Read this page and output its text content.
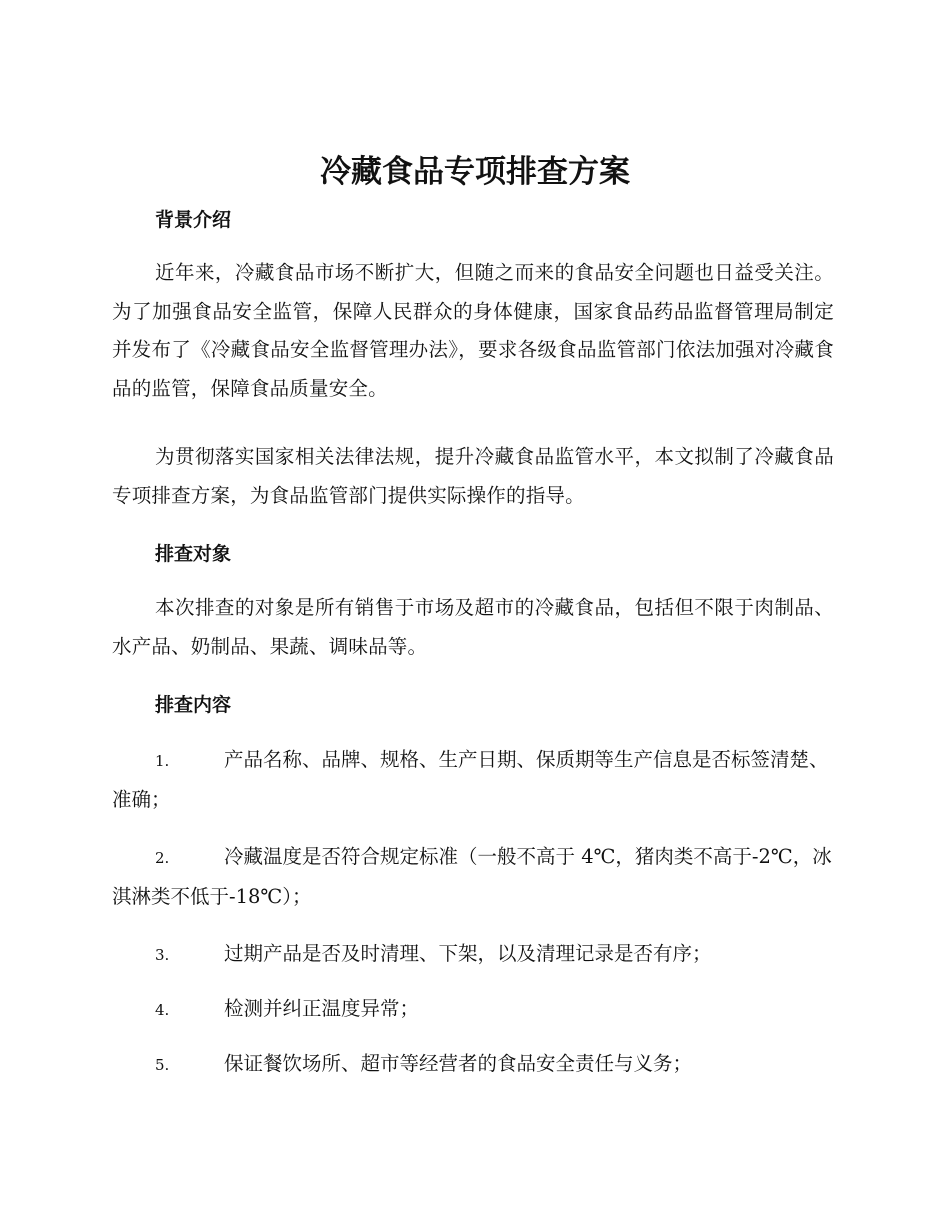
冷藏食品专项排查方案
背景介绍

近年来，冷藏食品市场不断扩大，但随之而来的食品安全问题也日益受关注。为了加强食品安全监管，保障人民群众的身体健康，国家食品药品监督管理局制定并发布了《冷藏食品安全监督管理办法》，要求各级食品监管部门依法加强对冷藏食品的监管，保障食品质量安全。

为贯彻落实国家相关法律法规，提升冷藏食品监管水平，本文拟制了冷藏食品专项排查方案，为食品监管部门提供实际操作的指导。

排查对象

本次排查的对象是所有销售于市场及超市的冷藏食品，包括但不限于肉制品、水产品、奶制品、果蔬、调味品等。

排查内容

1.	产品名称、品牌、规格、生产日期、保质期等生产信息是否标签清楚、准确；

2.	冷藏温度是否符合规定标准（一般不高于 4℃，猪肉类不高于-2℃，冰淇淋类不低于-18℃）；

3.	过期产品是否及时清理、下架，以及清理记录是否有序；

4.	检测并纠正温度异常；

5.	保证餐饮场所、超市等经营者的食品安全责任与义务；
